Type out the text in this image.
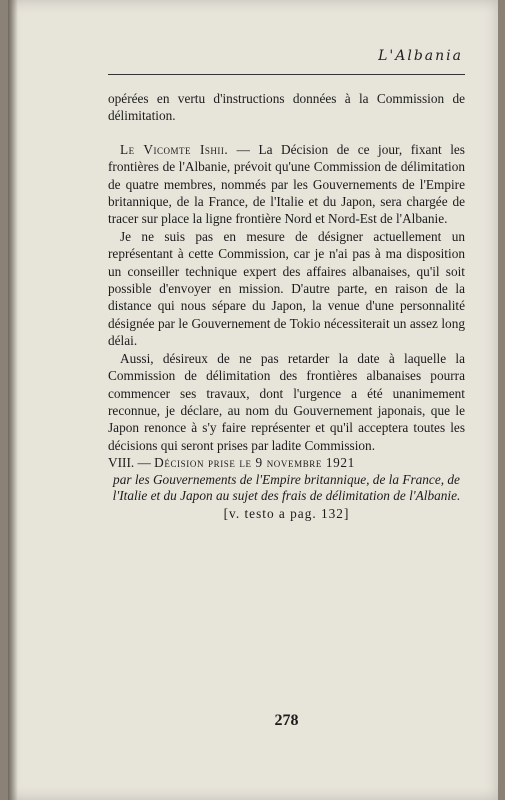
L'Albania

opérées en vertu d'instructions données à la Commission de délimitation.

Le Vicomte Ishii. — La Décision de ce jour, fixant les frontières de l'Albanie, prévoit qu'une Commission de délimitation de quatre membres, nommés par les Gouvernements de l'Empire britannique, de la France, de l'Italie et du Japon, sera chargée de tracer sur place la ligne frontière Nord et Nord-Est de l'Albanie.

Je ne suis pas en mesure de désigner actuellement un représentant à cette Commission, car je n'ai pas à ma disposition un conseiller technique expert des affaires albanaises, qu'il soit possible d'envoyer en mission. D'autre parte, en raison de la distance qui nous sépare du Japon, la venue d'une personnalité désignée par le Gouvernement de Tokio nécessiterait un assez long délai.

Aussi, désireux de ne pas retarder la date à laquelle la Commission de délimitation des frontières albanaises pourra commencer ses travaux, dont l'urgence a été unanimement reconnue, je déclare, au nom du Gouvernement japonais, que le Japon renonce à s'y faire représenter et qu'il acceptera toutes les décisions qui seront prises par ladite Commission.

VIII. — Décision prise le 9 novembre 1921

par les Gouvernements de l'Empire britannique, de la France, de l'Italie et du Japon au sujet des frais de délimitation de l'Albanie.

[v. testo a pag. 132]

278
